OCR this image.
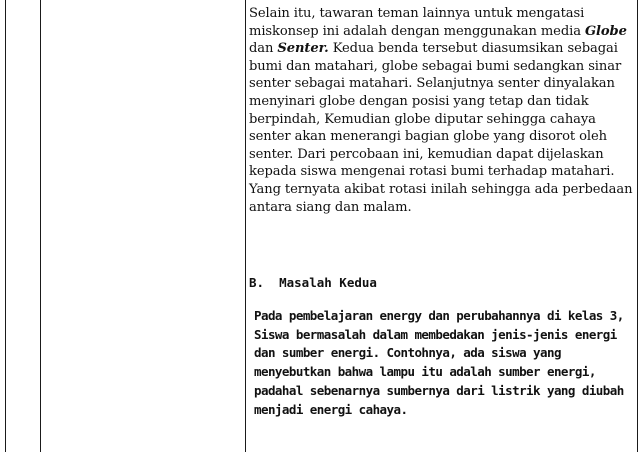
Selain itu, tawaran teman lainnya untuk mengatasi miskonsep ini adalah dengan menggunakan media Globe dan Senter. Kedua benda tersebut diasumsikan sebagai bumi dan matahari, globe sebagai bumi sedangkan sinar senter sebagai matahari. Selanjutnya senter dinyalakan menyinari globe dengan posisi yang tetap dan tidak berpindah, Kemudian globe diputar sehingga cahaya senter akan menerangi bagian globe yang disorot oleh senter. Dari percobaan ini, kemudian dapat dijelaskan kepada siswa mengenai rotasi bumi terhadap matahari. Yang ternyata akibat rotasi inilah sehingga ada perbedaan antara siang dan malam.

B.  Masalah Kedua

Pada pembelajaran energy dan perubahannya di kelas 3, Siswa bermasalah dalam membedakan jenis-jenis energi dan sumber energi. Contohnya, ada siswa yang menyebutkan bahwa lampu itu adalah sumber energi, padahal sebenarnya sumbernya dari listrik yang diubah menjadi energi cahaya.
